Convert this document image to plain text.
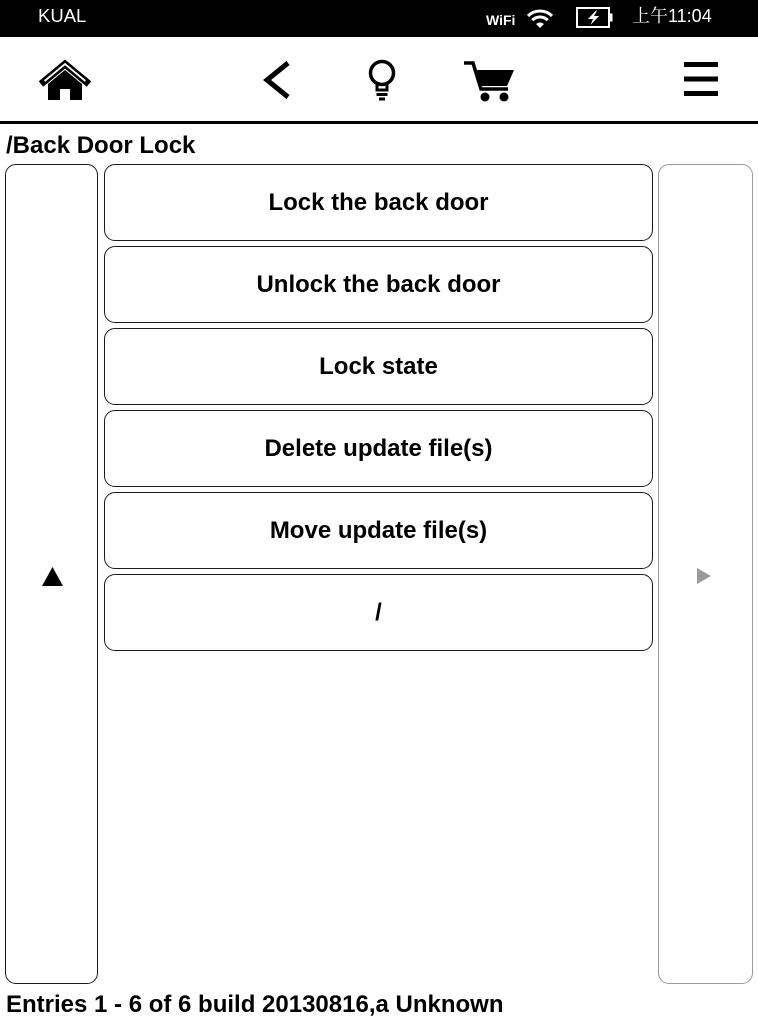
KUAL	WiFi	上午11:04
/Back Door Lock
Lock the back door
Unlock the back door
Lock state
Delete update file(s)
Move update file(s)
/
Entries 1 - 6 of 6 build 20130816,a Unknown
